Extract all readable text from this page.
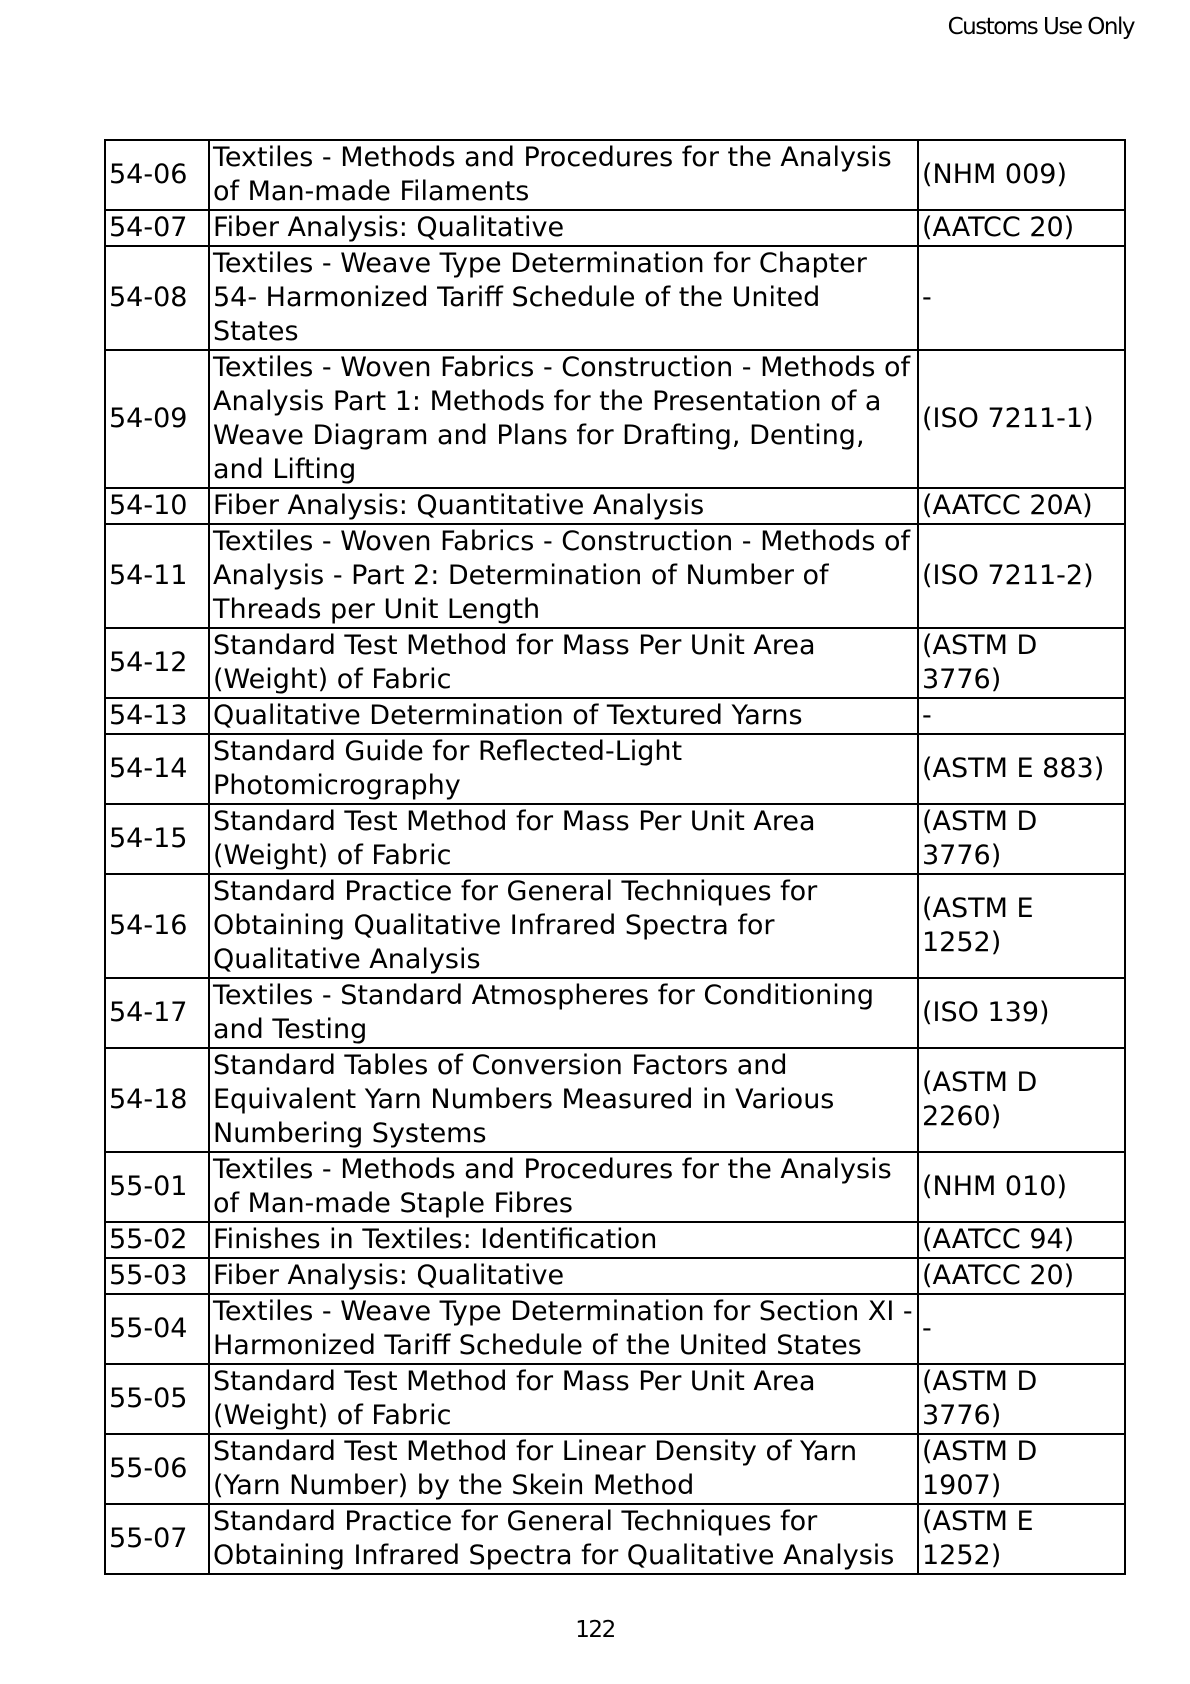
Customs Use Only
54-06	Textiles - Methods and Procedures for the Analysis of Man-made Filaments	(NHM 009)
54-07	Fiber Analysis: Qualitative	(AATCC 20)
54-08	Textiles - Weave Type Determination for Chapter 54- Harmonized Tariff Schedule of the United States	-
54-09	Textiles - Woven Fabrics - Construction - Methods of Analysis Part 1: Methods for the Presentation of a Weave Diagram and Plans for Drafting, Denting, and Lifting	(ISO 7211-1)
54-10	Fiber Analysis: Quantitative Analysis	(AATCC 20A)
54-11	Textiles - Woven Fabrics - Construction - Methods of Analysis - Part 2: Determination of Number of Threads per Unit Length	(ISO 7211-2)
54-12	Standard Test Method for Mass Per Unit Area (Weight) of Fabric	(ASTM D 3776)
54-13	Qualitative Determination of Textured Yarns	-
54-14	Standard Guide for Reflected-Light Photomicrography	(ASTM E 883)
54-15	Standard Test Method for Mass Per Unit Area (Weight) of Fabric	(ASTM D 3776)
54-16	Standard Practice for General Techniques for Obtaining Qualitative Infrared Spectra for Qualitative Analysis	(ASTM E 1252)
54-17	Textiles - Standard Atmospheres for Conditioning and Testing	(ISO 139)
54-18	Standard Tables of Conversion Factors and Equivalent Yarn Numbers Measured in Various Numbering Systems	(ASTM D 2260)
55-01	Textiles - Methods and Procedures for the Analysis of Man-made Staple Fibres	(NHM 010)
55-02	Finishes in Textiles: Identification	(AATCC 94)
55-03	Fiber Analysis: Qualitative	(AATCC 20)
55-04	Textiles - Weave Type Determination for Section XI - Harmonized Tariff Schedule of the United States	-
55-05	Standard Test Method for Mass Per Unit Area (Weight) of Fabric	(ASTM D 3776)
55-06	Standard Test Method for Linear Density of Yarn (Yarn Number) by the Skein Method	(ASTM D 1907)
55-07	Standard Practice for General Techniques for Obtaining Infrared Spectra for Qualitative Analysis	(ASTM E 1252)
122
